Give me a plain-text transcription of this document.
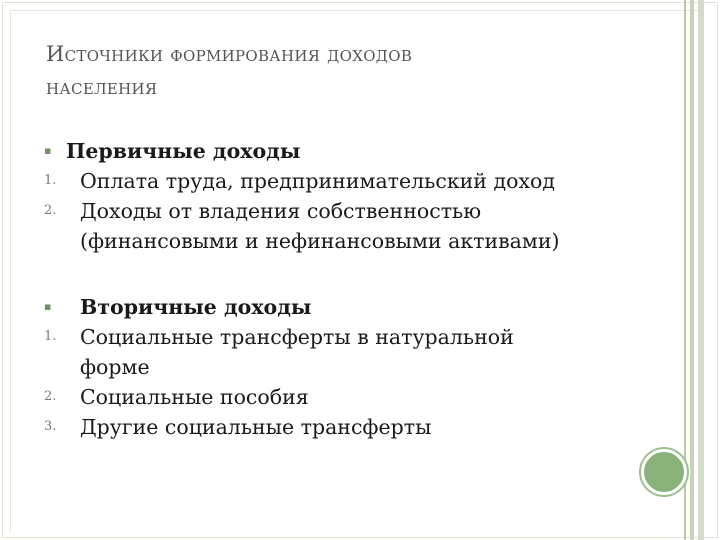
Источники формирования доходов
населения
▪ Первичные доходы
1.	Оплата труда, предпринимательский доход
2.	Доходы от владения собственностью
(финансовыми и нефинансовыми активами)
▪	Вторичные доходы
1.	Социальные трансферты в натуральной
форме
2.	Социальные пособия
3.	Другие социальные трансферты
